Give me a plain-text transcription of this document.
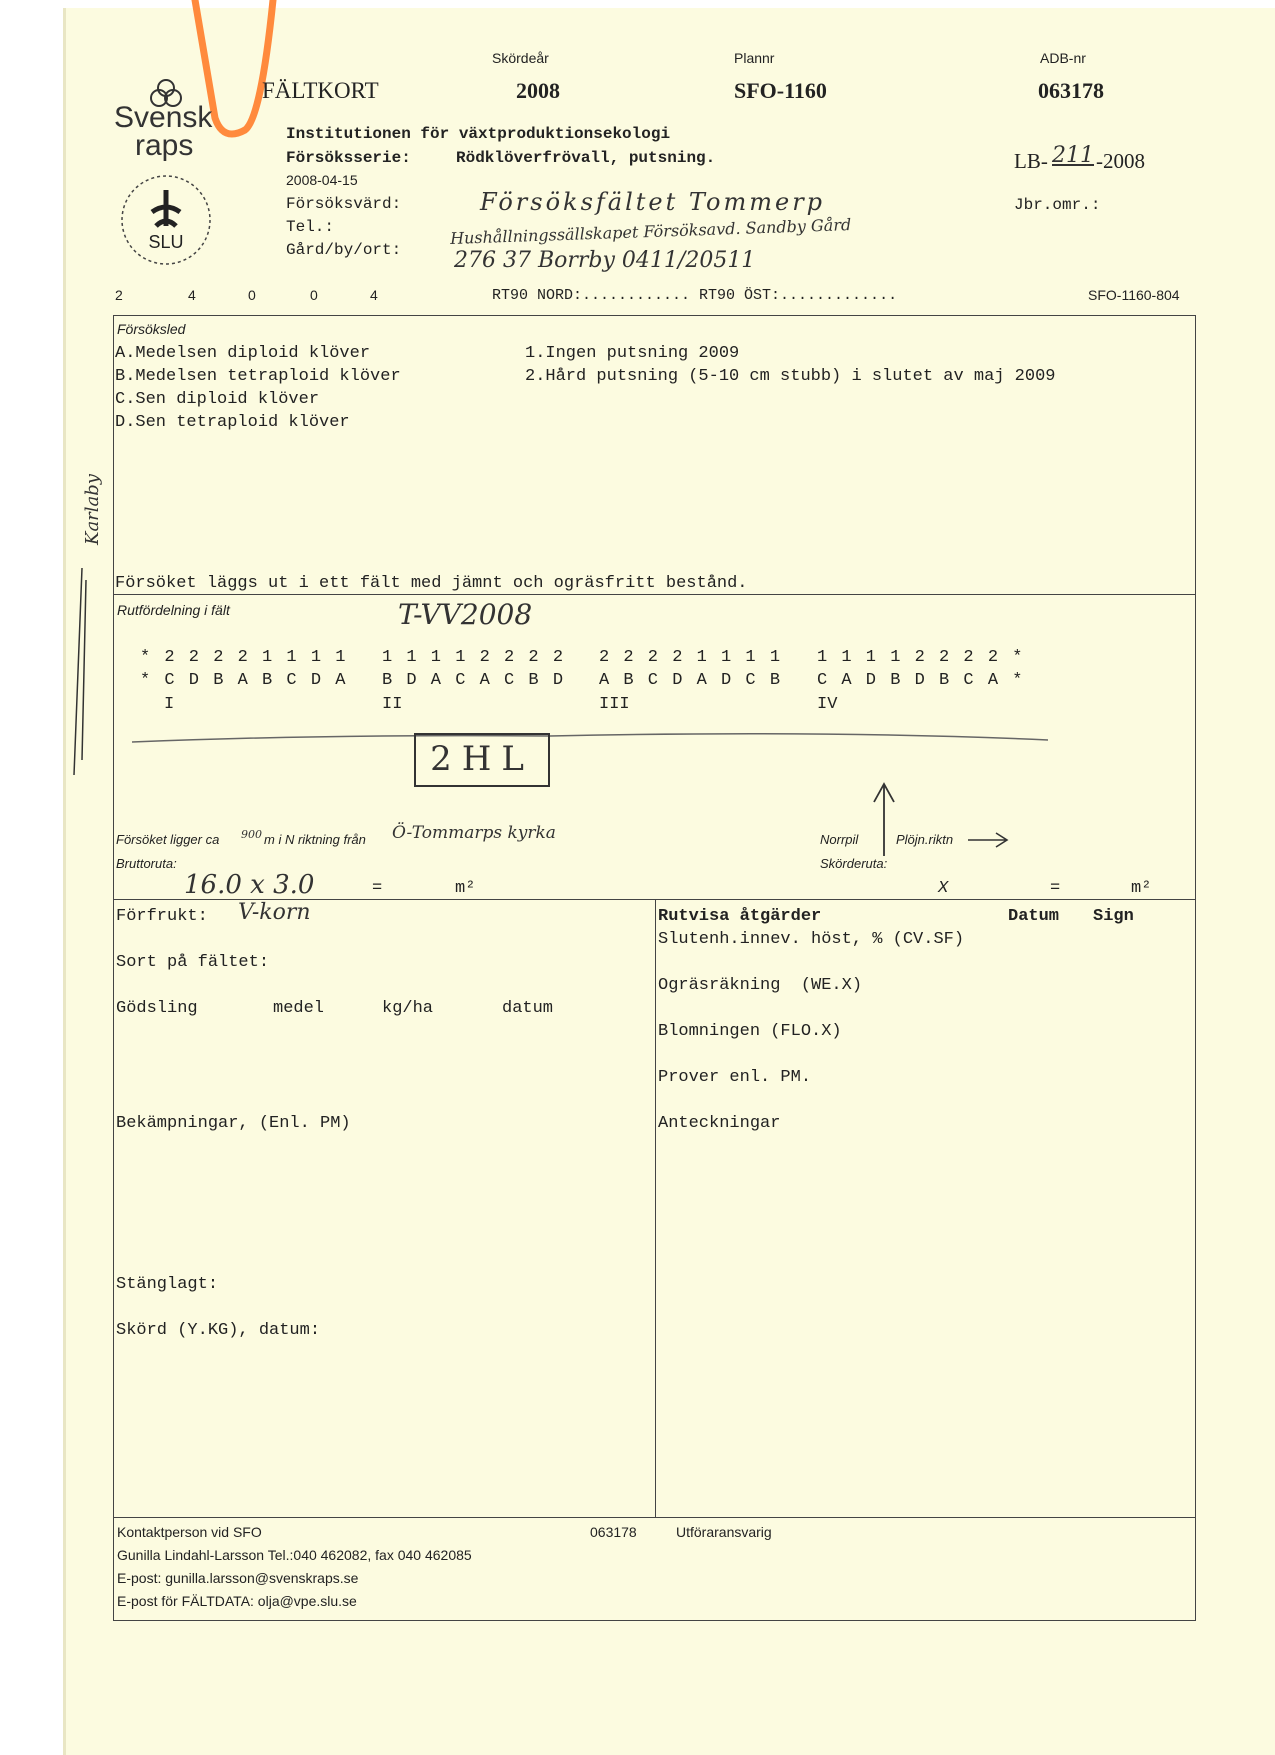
Svensk
raps
SLU
Skördeår	Plannr	ADB-nr
FÄLTKORT	2008	SFO-1160	063178
Institutionen för växtproduktionsekologi
Försöksserie:	Rödklöverfrövall, putsning.
2008-04-15
Försöksvärd:	Försöksfältet Tommerp
Tel.:	Hushållningssällskapet Försöksavd. Sandby Gård
Gård/by/ort: 276 37 Borrby 0411/20511
LB- 211 -2008
Jbr.omr.:
2	4	0	0	4	RT90 NORD:............ RT90 ÖST:.............	SFO-1160-804
Försöksled
A.Medelsen diploid klöver
B.Medelsen tetraploid klöver
C.Sen diploid klöver
D.Sen tetraploid klöver
1.Ingen putsning 2009
2.Hård putsning (5-10 cm stubb) i slutet av maj 2009
Försöket läggs ut i ett fält med jämnt och ogräsfritt bestånd.
Karlaby
Rutfördelning i fält	T-VV2008
* 2 2 2 2 1 1 1 1
* C D B A B C D A
I
1 1 1 1 2 2 2 2
B D A C A C B D
II
2 2 2 2 1 1 1 1
A B C D A D C B
III
1 1 1 1 2 2 2 2 *
C A D B D B C A *
IV
2HL
Försöket ligger ca 900 m i N riktning från Ö-Tommarps kyrka
Bruttoruta:
Norrpil	Plöjn.riktn
Skörderuta:
16.0 x 3.0	=	m²	X	=	m²
Förfrukt: V-korn
Sort på fältet:
Gödsling	medel	kg/ha	datum
Bekämpningar, (Enl. PM)
Stänglagt:
Skörd (Y.KG), datum:
Rutvisa åtgärder	Datum Sign
Slutenh.innev. höst, % (CV.SF)
Ogräsräkning  (WE.X)
Blomningen (FLO.X)
Prover enl. PM.
Anteckningar
Kontaktperson vid SFO	063178	Utföraransvarig
Gunilla Lindahl-Larsson Tel.:040 462082, fax 040 462085
E-post: gunilla.larsson@svenskraps.se
E-post för FÄLTDATA: olja@vpe.slu.se
